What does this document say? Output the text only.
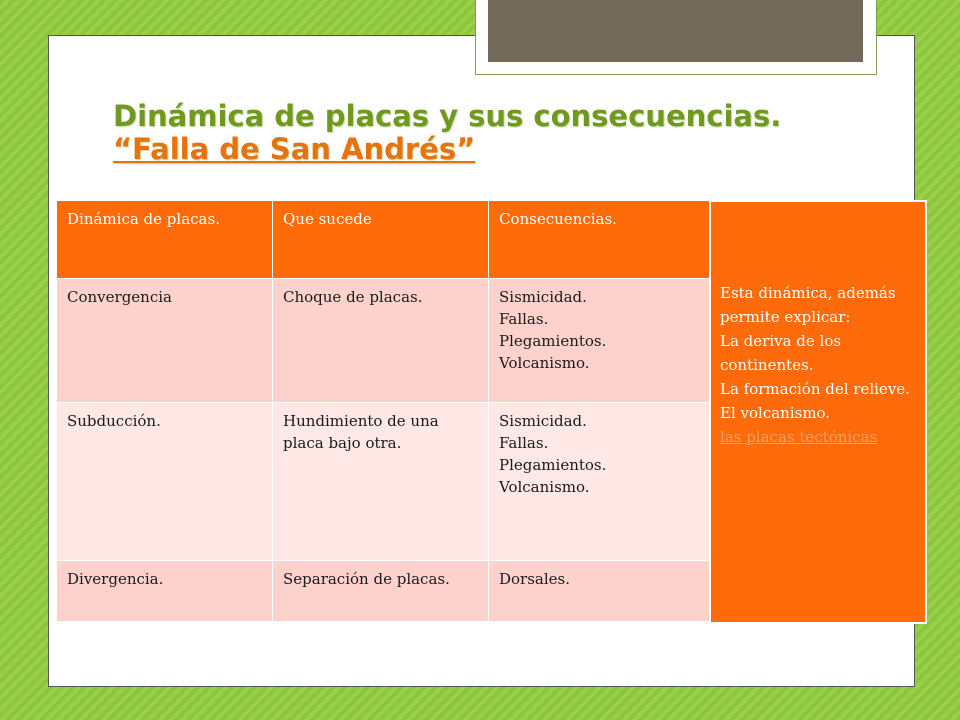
Dinámica de placas y sus consecuencias. “Falla de San Andrés”
Dinámica de placas.	Que sucede	Consecuencias.
Convergencia	Choque de placas.	Sismicidad.
Fallas.
Plegamientos.
Volcanismo.

Subducción.	Hundimiento de una placa bajo otra.	Sismicidad.
Fallas.
Plegamientos.
Volcanismo.

Divergencia.	Separación de placas.	Dorsales.
Esta dinámica, además permite explicar:
La deriva de los continentes.
La formación del relieve.
El volcanismo.
las placas tectónicas
